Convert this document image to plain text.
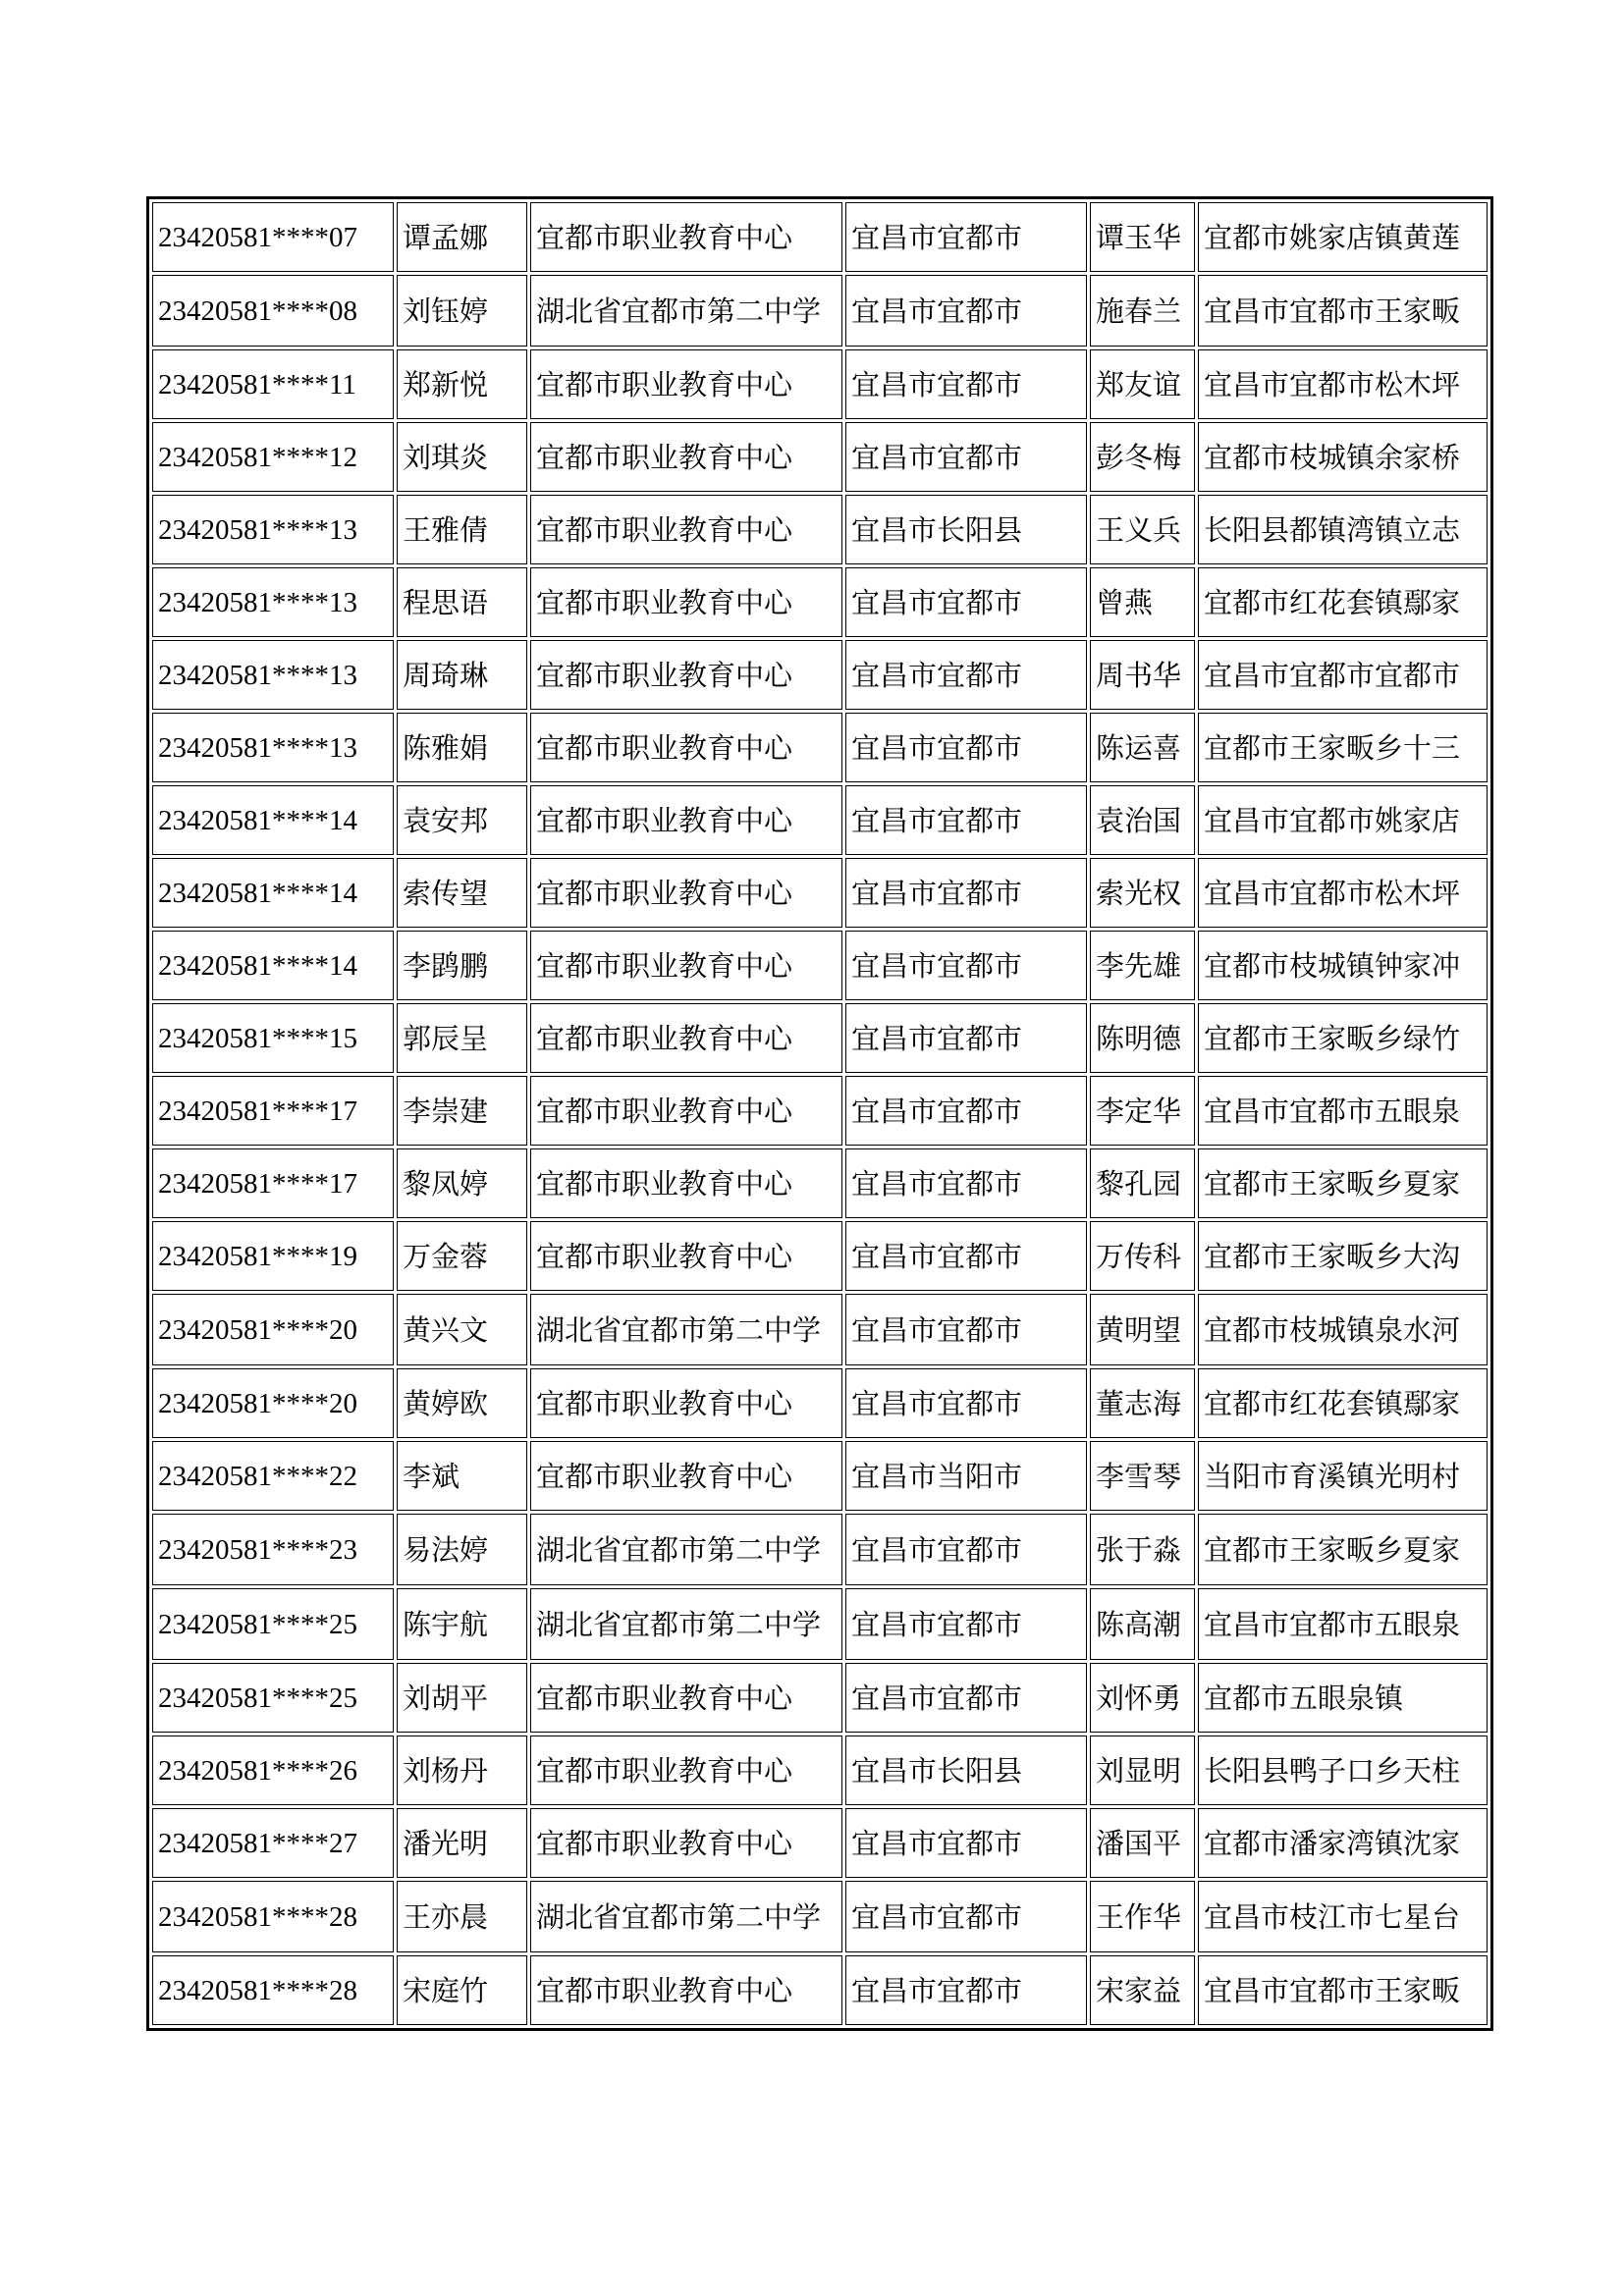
23420581****07	谭孟娜	宜都市职业教育中心	宜昌市宜都市	谭玉华	宜都市姚家店镇黄莲
23420581****08	刘钰婷	湖北省宜都市第二中学	宜昌市宜都市	施春兰	宜昌市宜都市王家畈
23420581****11	郑新悦	宜都市职业教育中心	宜昌市宜都市	郑友谊	宜昌市宜都市松木坪
23420581****12	刘琪炎	宜都市职业教育中心	宜昌市宜都市	彭冬梅	宜都市枝城镇余家桥
23420581****13	王雅倩	宜都市职业教育中心	宜昌市长阳县	王义兵	长阳县都镇湾镇立志
23420581****13	程思语	宜都市职业教育中心	宜昌市宜都市	曾燕	宜都市红花套镇鄢家
23420581****13	周琦琳	宜都市职业教育中心	宜昌市宜都市	周书华	宜昌市宜都市宜都市
23420581****13	陈雅娟	宜都市职业教育中心	宜昌市宜都市	陈运喜	宜都市王家畈乡十三
23420581****14	袁安邦	宜都市职业教育中心	宜昌市宜都市	袁治国	宜昌市宜都市姚家店
23420581****14	索传望	宜都市职业教育中心	宜昌市宜都市	索光权	宜昌市宜都市松木坪
23420581****14	李鹍鹏	宜都市职业教育中心	宜昌市宜都市	李先雄	宜都市枝城镇钟家冲
23420581****15	郭辰呈	宜都市职业教育中心	宜昌市宜都市	陈明德	宜都市王家畈乡绿竹
23420581****17	李崇建	宜都市职业教育中心	宜昌市宜都市	李定华	宜昌市宜都市五眼泉
23420581****17	黎凤婷	宜都市职业教育中心	宜昌市宜都市	黎孔园	宜都市王家畈乡夏家
23420581****19	万金蓉	宜都市职业教育中心	宜昌市宜都市	万传科	宜都市王家畈乡大沟
23420581****20	黄兴文	湖北省宜都市第二中学	宜昌市宜都市	黄明望	宜都市枝城镇泉水河
23420581****20	黄婷欧	宜都市职业教育中心	宜昌市宜都市	董志海	宜都市红花套镇鄢家
23420581****22	李斌	宜都市职业教育中心	宜昌市当阳市	李雪琴	当阳市育溪镇光明村
23420581****23	易法婷	湖北省宜都市第二中学	宜昌市宜都市	张于淼	宜都市王家畈乡夏家
23420581****25	陈宇航	湖北省宜都市第二中学	宜昌市宜都市	陈高潮	宜昌市宜都市五眼泉
23420581****25	刘胡平	宜都市职业教育中心	宜昌市宜都市	刘怀勇	宜都市五眼泉镇
23420581****26	刘杨丹	宜都市职业教育中心	宜昌市长阳县	刘显明	长阳县鸭子口乡天柱
23420581****27	潘光明	宜都市职业教育中心	宜昌市宜都市	潘国平	宜都市潘家湾镇沈家
23420581****28	王亦晨	湖北省宜都市第二中学	宜昌市宜都市	王作华	宜昌市枝江市七星台
23420581****28	宋庭竹	宜都市职业教育中心	宜昌市宜都市	宋家益	宜昌市宜都市王家畈
